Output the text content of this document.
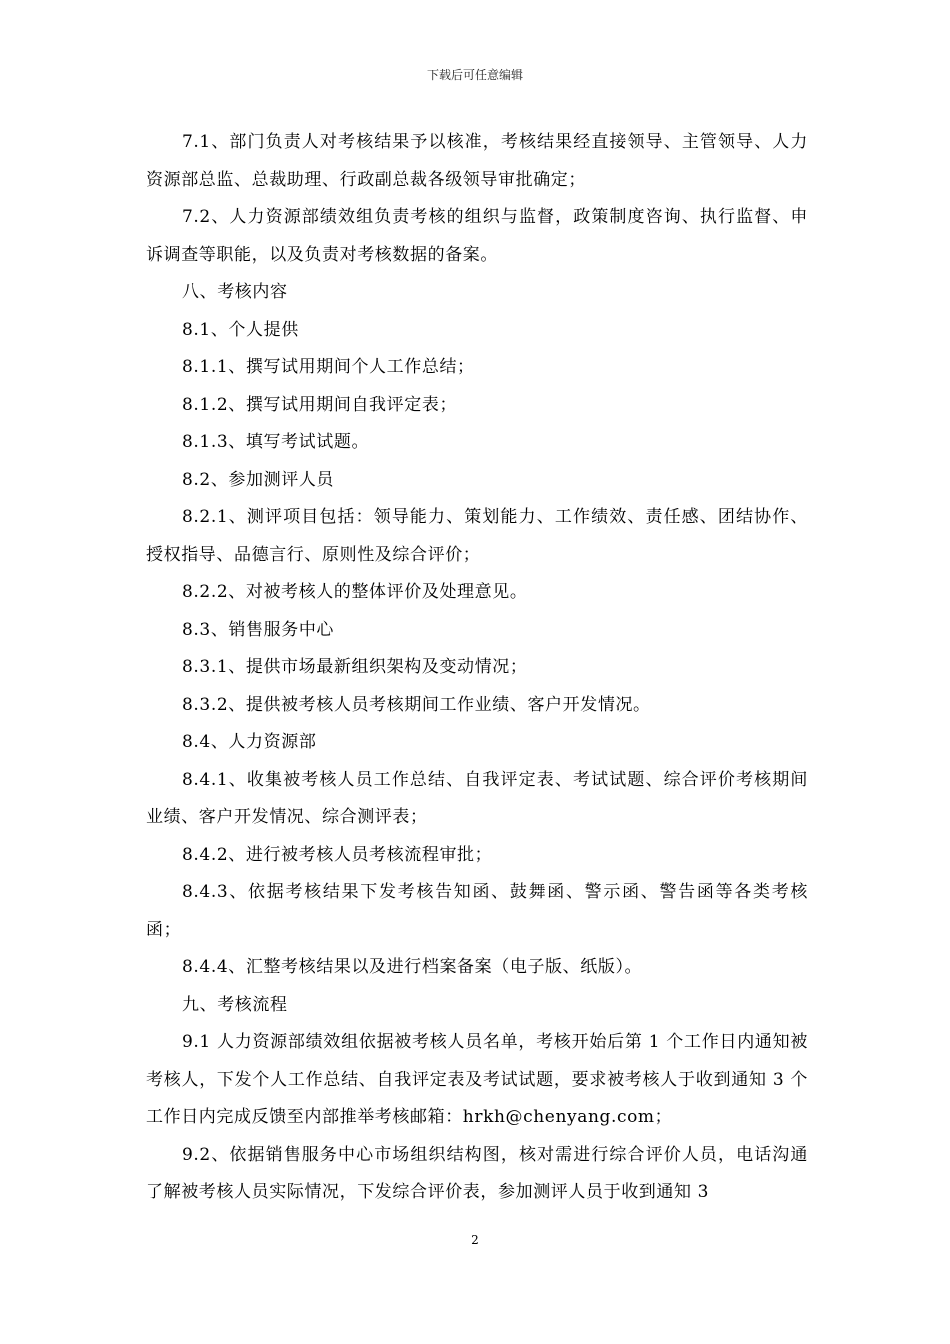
下载后可任意编辑

7.1、部门负责人对考核结果予以核准，考核结果经直接领导、主管领导、人力资源部总监、总裁助理、行政副总裁各级领导审批确定；

7.2、人力资源部绩效组负责考核的组织与监督，政策制度咨询、执行监督、申诉调查等职能，以及负责对考核数据的备案。

八、考核内容

8.1、个人提供

8.1.1、撰写试用期间个人工作总结；

8.1.2、撰写试用期间自我评定表；

8.1.3、填写考试试题。

8.2、参加测评人员

8.2.1、测评项目包括：领导能力、策划能力、工作绩效、责任感、团结协作、授权指导、品德言行、原则性及综合评价；

8.2.2、对被考核人的整体评价及处理意见。

8.3、销售服务中心

8.3.1、提供市场最新组织架构及变动情况；

8.3.2、提供被考核人员考核期间工作业绩、客户开发情况。

8.4、人力资源部

8.4.1、收集被考核人员工作总结、自我评定表、考试试题、综合评价考核期间业绩、客户开发情况、综合测评表；

8.4.2、进行被考核人员考核流程审批；

8.4.3、依据考核结果下发考核告知函、鼓舞函、警示函、警告函等各类考核函；

8.4.4、汇整考核结果以及进行档案备案（电子版、纸版）。

九、考核流程

9.1 人力资源部绩效组依据被考核人员名单，考核开始后第 1 个工作日内通知被考核人，下发个人工作总结、自我评定表及考试试题，要求被考核人于收到通知 3 个工作日内完成反馈至内部推举考核邮箱：hrkh@chenyang.com；

9.2、依据销售服务中心市场组织结构图，核对需进行综合评价人员，电话沟通了解被考核人员实际情况，下发综合评价表，参加测评人员于收到通知 3

2
